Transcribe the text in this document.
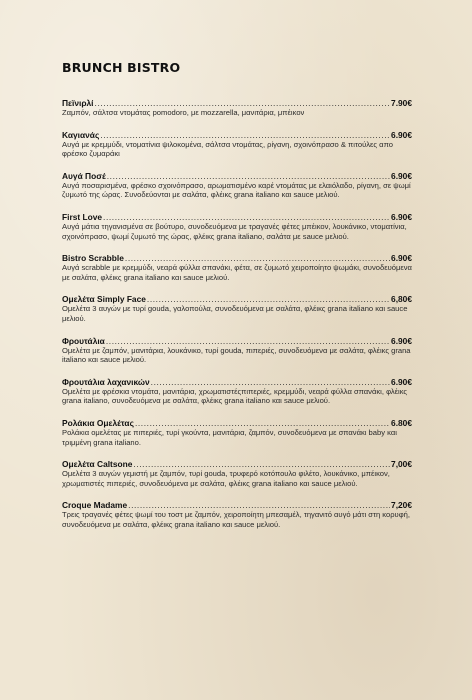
BRUNCH BISTRO
Πεϊνιρλί .....	7.90€

Ζαμπόν, σάλτσα ντομάτας pomodoro, με mozzarella, μανιτάρια, μπέικον

Καγιανάς .....	6.90€

Αυγά με κρεμμύδι, ντοματίνια ψιλοκομένα, σάλτσα ντομάτας, ρίγανη, σχοινόπρασο & πιτούλες απο φρέσκο ζυμαράκι

Αυγά Ποσέ .....	6.90€

Αυγά ποσαρισμένα, φρέσκο σχοινόπρασο, αρωματισμένο καρέ ντομάτας με ελαιόλαδο, ρίγανη, σε ψωμί ζυμωτό της ώρας. Συνοδεύονται με σαλάτα, φλέικς grana italiano και sauce μελιού.

First Love .....	6.90€

Αυγά μάτια τηγανισμένα σε βούτυρο, συνοδευόμενα με τραγανές φέτες μπέικον, λουκάνικο, ντοματίνια, σχοινόπρασο, ψωμί ζυμωτό της ώρας, φλέικς grana italiano, σαλάτα με sauce μελιού.

Bistro Scrabble .....	6.90€

Αυγά scrabble με κρεμμύδι, νεαρά φύλλα σπανάκι, φέτα, σε ζυμωτό χειροποίητο ψωμάκι, συνοδευόμενα με σαλάτα, φλέικς grana italiano και sauce μελιού.

Ομελέτα Simply Face .....	6,80€

Ομελέτα 3 αυγών με τυρί gouda, γαλοπούλα, συνοδευόμενα με σαλάτα, φλέικς grana italiano και sauce μελιού.

Φρουτάλια .....	6.90€

Ομελέτα με ζαμπόν, μανιτάρια, λουκάνικο, τυρί gouda, πιπεριές, συνοδευόμενα με σαλάτα, φλέικς grana italiano και sauce μελιού.

Φρουτάλια λαχανικών .....	6.90€

Ομελέτα με φρέσκια ντομάτα, μανιτάρια, χρωματιστέςπιπεριές, κρεμμύδι, νεαρά φύλλα σπανάκι, φλέικς grana italiano, συνοδευόμενα με σαλάτα, φλέικς grana italiano και sauce μελιού.

Ρολάκια Ομελέτας .....	6.80€

Ρολάκια ομελέτας με πιπεριές, τυρί γκούντα, μανιτάρια, ζαμπόν, συνοδευόμενα με σπανάκι baby και τριμμένη grana italiano.

Ομελέτα Caltsone .....	7,00€

Ομελέτα 3 αυγών γεμιστή με ζαμπόν, τυρί gouda, τρυφερό κοτόπουλο φιλέτο, λουκάνικο, μπέικον, χρωματιστές πιπεριές, συνοδευόμενα με σαλάτα, φλέικς grana italiano και sauce μελιού.

Croque Madame .....	7,20€

Τρεις τραγανές φέτες ψωμί του τοστ με ζαμπόν, χειροποίητη μπεσαμέλ, τηγανιτό αυγό μάτι στη κορυφή, συνοδευόμενα με σαλάτα, φλέικς grana italiano και sauce μελιού.
